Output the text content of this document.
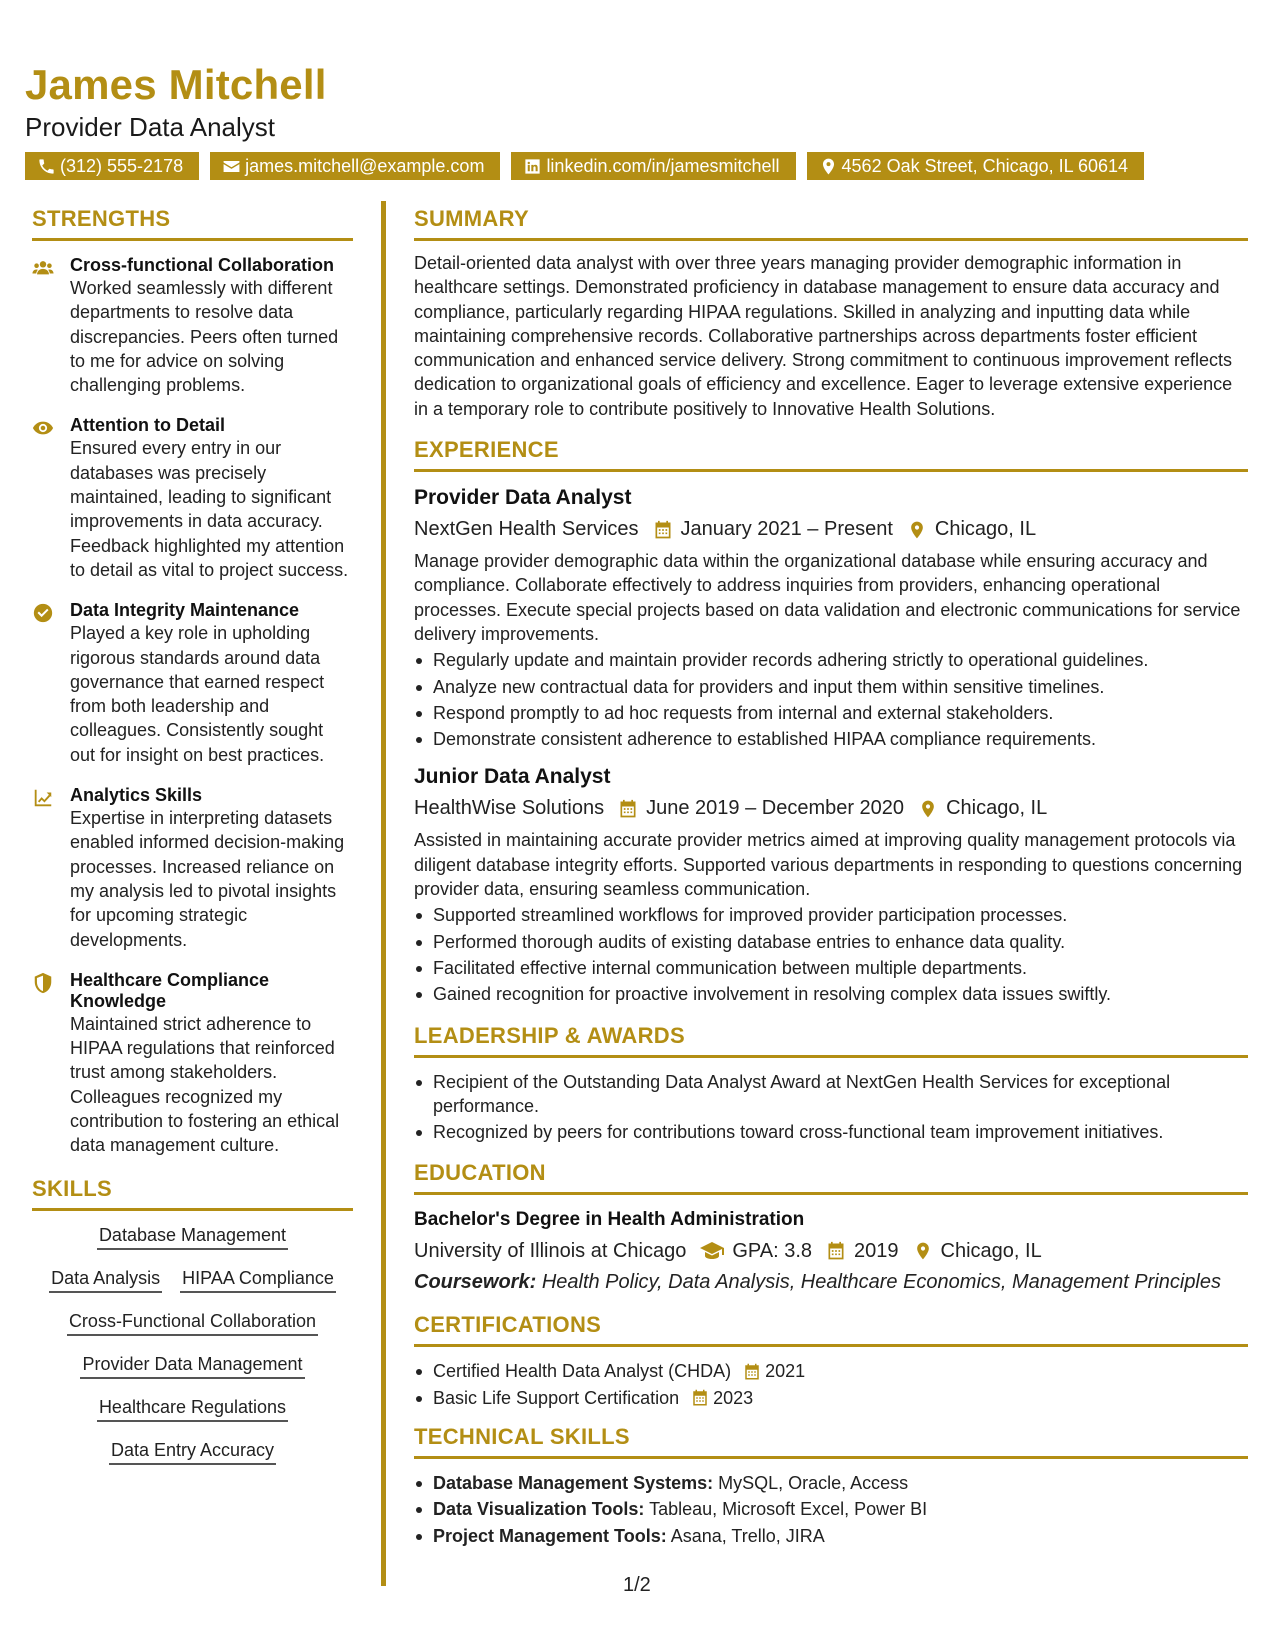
James Mitchell
Provider Data Analyst
(312) 555-2178	james.mitchell@example.com	linkedin.com/in/jamesmitchell	4562 Oak Street, Chicago, IL 60614
STRENGTHS
Cross-functional Collaboration
Worked seamlessly with different departments to resolve data discrepancies. Peers often turned to me for advice on solving challenging problems.
Attention to Detail
Ensured every entry in our databases was precisely maintained, leading to significant improvements in data accuracy. Feedback highlighted my attention to detail as vital to project success.
Data Integrity Maintenance
Played a key role in upholding rigorous standards around data governance that earned respect from both leadership and colleagues. Consistently sought out for insight on best practices.
Analytics Skills
Expertise in interpreting datasets enabled informed decision-making processes. Increased reliance on my analysis led to pivotal insights for upcoming strategic developments.
Healthcare Compliance Knowledge
Maintained strict adherence to HIPAA regulations that reinforced trust among stakeholders. Colleagues recognized my contribution to fostering an ethical data management culture.
SKILLS
Database Management
Data Analysis HIPAA Compliance
Cross-Functional Collaboration
Provider Data Management
Healthcare Regulations
Data Entry Accuracy
SUMMARY
Detail-oriented data analyst with over three years managing provider demographic information in healthcare settings. Demonstrated proficiency in database management to ensure data accuracy and compliance, particularly regarding HIPAA regulations. Skilled in analyzing and inputting data while maintaining comprehensive records. Collaborative partnerships across departments foster efficient communication and enhanced service delivery. Strong commitment to continuous improvement reflects dedication to organizational goals of efficiency and excellence. Eager to leverage extensive experience in a temporary role to contribute positively to Innovative Health Solutions.
EXPERIENCE
Provider Data Analyst
NextGen Health Services January 2021 – Present Chicago, IL
Manage provider demographic data within the organizational database while ensuring accuracy and compliance. Collaborate effectively to address inquiries from providers, enhancing operational processes. Execute special projects based on data validation and electronic communications for service delivery improvements.
Regularly update and maintain provider records adhering strictly to operational guidelines.
Analyze new contractual data for providers and input them within sensitive timelines.
Respond promptly to ad hoc requests from internal and external stakeholders.
Demonstrate consistent adherence to established HIPAA compliance requirements.
Junior Data Analyst
HealthWise Solutions June 2019 – December 2020 Chicago, IL
Assisted in maintaining accurate provider metrics aimed at improving quality management protocols via diligent database integrity efforts. Supported various departments in responding to questions concerning provider data, ensuring seamless communication.
Supported streamlined workflows for improved provider participation processes.
Performed thorough audits of existing database entries to enhance data quality.
Facilitated effective internal communication between multiple departments.
Gained recognition for proactive involvement in resolving complex data issues swiftly.
LEADERSHIP & AWARDS
Recipient of the Outstanding Data Analyst Award at NextGen Health Services for exceptional performance.
Recognized by peers for contributions toward cross-functional team improvement initiatives.
EDUCATION
Bachelor's Degree in Health Administration
University of Illinois at Chicago GPA: 3.8 2019 Chicago, IL
Coursework: Health Policy, Data Analysis, Healthcare Economics, Management Principles
CERTIFICATIONS
Certified Health Data Analyst (CHDA) 2021
Basic Life Support Certification 2023
TECHNICAL SKILLS
Database Management Systems: MySQL, Oracle, Access
Data Visualization Tools: Tableau, Microsoft Excel, Power BI
Project Management Tools: Asana, Trello, JIRA
1/2
